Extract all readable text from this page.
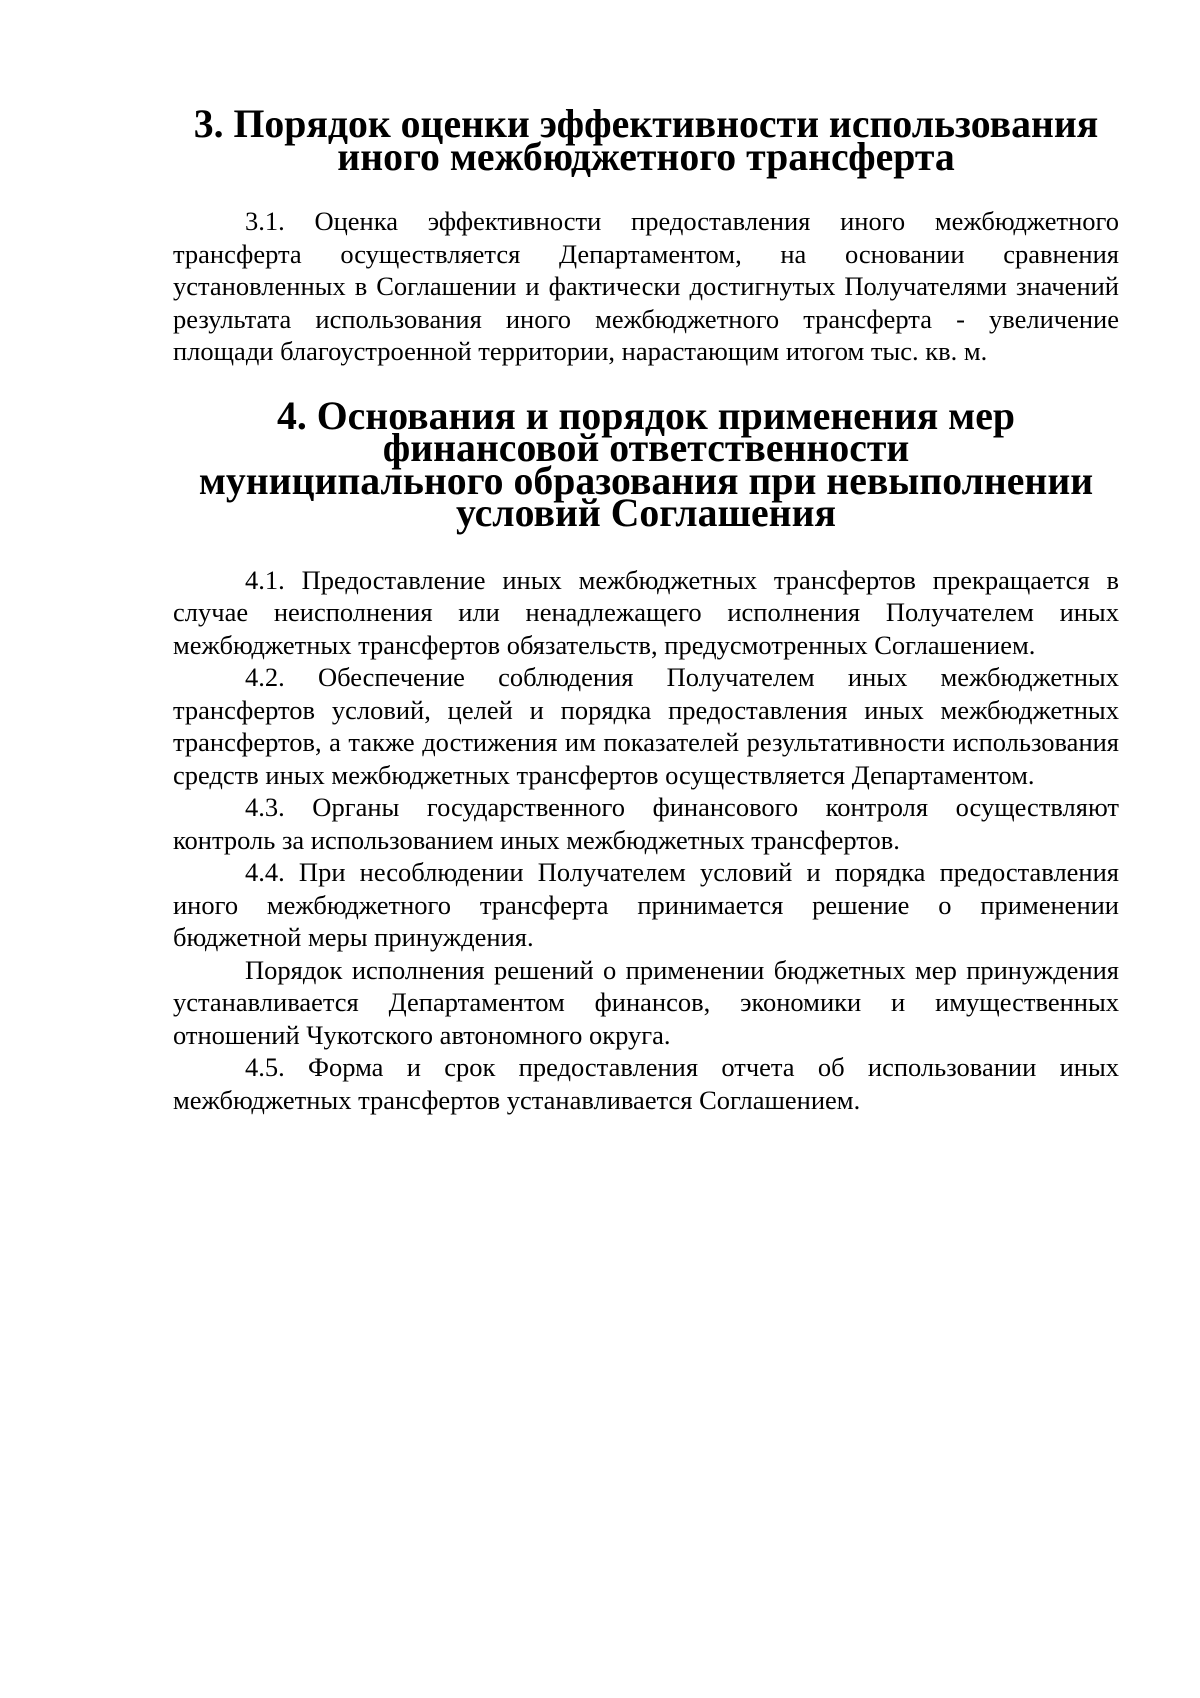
3. Порядок оценки эффективности использования
иного межбюджетного трансферта

3.1. Оценка эффективности предоставления иного межбюджетного трансферта осуществляется Департаментом, на основании сравнения установленных в Соглашении и фактически достигнутых Получателями значений результата использования иного межбюджетного трансферта - увеличение площади благоустроенной территории, нарастающим итогом тыс. кв. м.

4. Основания и порядок применения мер финансовой ответственности
муниципального образования при невыполнении условий Соглашения

4.1. Предоставление иных межбюджетных трансфертов прекращается в случае неисполнения или ненадлежащего исполнения Получателем иных межбюджетных трансфертов обязательств, предусмотренных Соглашением.

4.2. Обеспечение соблюдения Получателем иных межбюджетных трансфертов условий, целей и порядка предоставления иных межбюджетных трансфертов, а также достижения им показателей результативности использования средств иных межбюджетных трансфертов осуществляется Департаментом.

4.3. Органы государственного финансового контроля осуществляют контроль за использованием иных межбюджетных трансфертов.

4.4. При несоблюдении Получателем условий и порядка предоставления иного межбюджетного трансферта принимается решение о применении бюджетной меры принуждения.

Порядок исполнения решений о применении бюджетных мер принуждения устанавливается Департаментом финансов, экономики и имущественных отношений Чукотского автономного округа.

4.5. Форма и срок предоставления отчета об использовании иных межбюджетных трансфертов устанавливается Соглашением.
